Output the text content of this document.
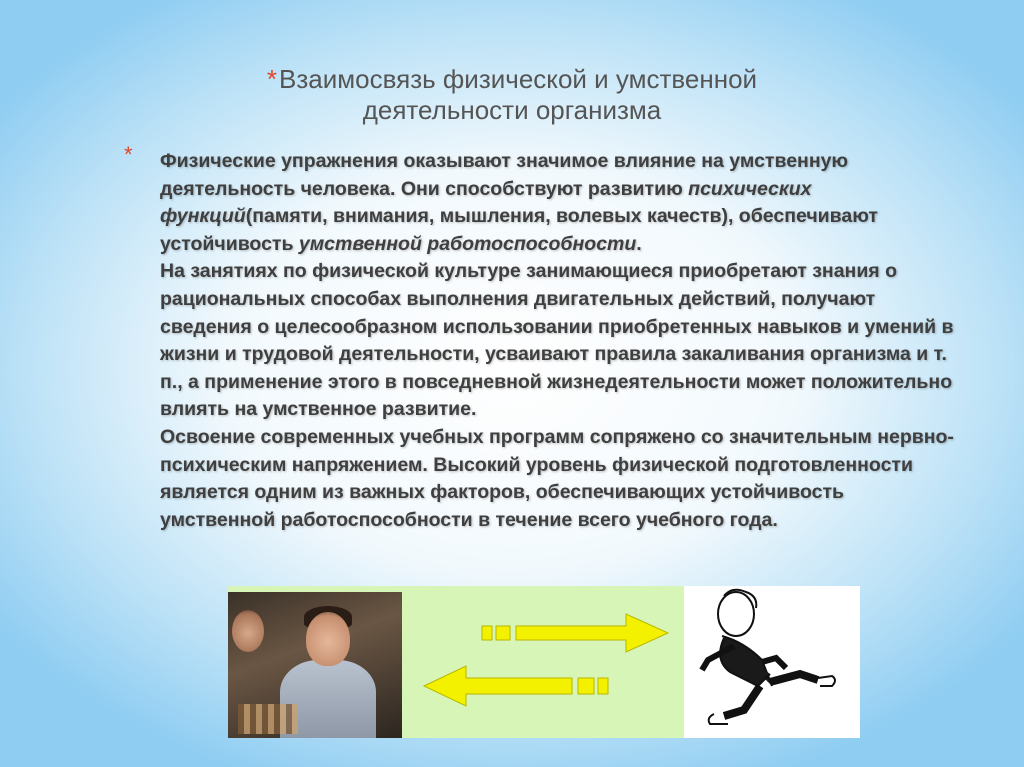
*Взаимосвязь физической и умственной
деятельности организма
* Физические упражнения оказывают значимое влияние на умственную деятельность человека. Они способствуют развитию психических функций(памяти, внимания, мышления, волевых качеств), обеспечивают устойчивость умственной работоспособности.

На занятиях по физической культуре занимающиеся приобретают знания о рациональных способах выполнения двигательных действий, получают сведения о целесообразном использовании приобретенных навыков и умений в жизни и трудовой деятельности, усваивают правила закаливания организма и т. п., а применение этого в повседневной жизнедеятельности может положительно влиять на умственное развитие.

Освоение современных учебных программ сопряжено со значительным нервно-психическим напряжением. Высокий уровень физической подготовленности является одним из важных факторов, обеспечивающих устойчивость умственной работоспособности в течение всего учебного года.
